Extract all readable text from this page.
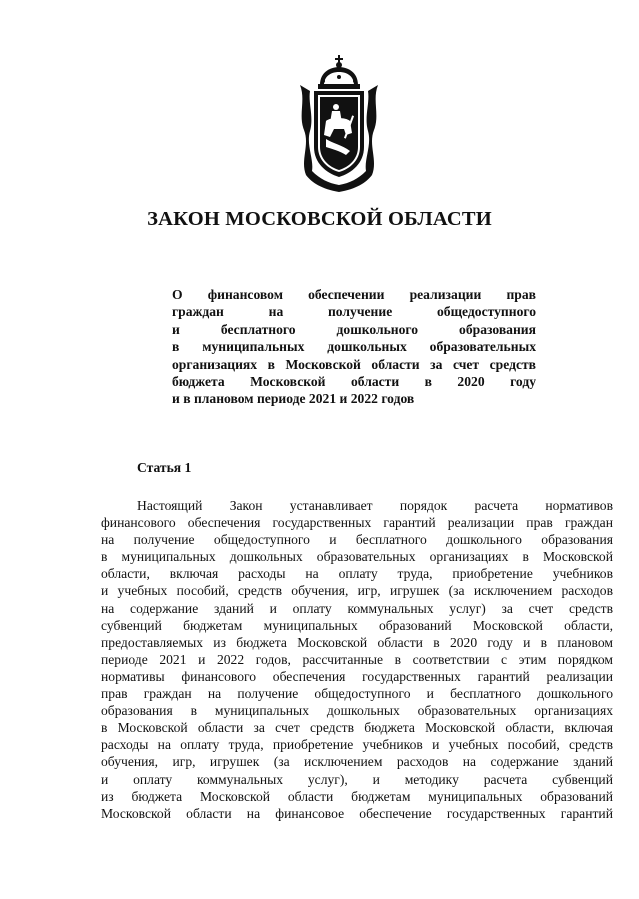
ЗАКОН МОСКОВСКОЙ ОБЛАСТИ
О финансовом обеспечении реализации прав
граждан на получение общедоступного
и бесплатного дошкольного образования
в муниципальных дошкольных образовательных
организациях в Московской области за счет средств
бюджета Московской области в 2020 году
и в плановом периоде 2021 и 2022 годов
Статья 1
Настоящий Закон устанавливает порядок расчета нормативов
финансового обеспечения государственных гарантий реализации прав граждан
на получение общедоступного и бесплатного дошкольного образования
в муниципальных дошкольных образовательных организациях в Московской
области, включая расходы на оплату труда, приобретение учебников
и учебных пособий, средств обучения, игр, игрушек (за исключением расходов
на содержание зданий и оплату коммунальных услуг) за счет средств
субвенций бюджетам муниципальных образований Московской области,
предоставляемых из бюджета Московской области в 2020 году и в плановом
периоде 2021 и 2022 годов, рассчитанные в соответствии с этим порядком
нормативы финансового обеспечения государственных гарантий реализации
прав граждан на получение общедоступного и бесплатного дошкольного
образования в муниципальных дошкольных образовательных организациях
в Московской области за счет средств бюджета Московской области, включая
расходы на оплату труда, приобретение учебников и учебных пособий, средств
обучения, игр, игрушек (за исключением расходов на содержание зданий
и оплату коммунальных услуг), и методику расчета субвенций
из бюджета Московской области бюджетам муниципальных образований
Московской области на финансовое обеспечение государственных гарантий
